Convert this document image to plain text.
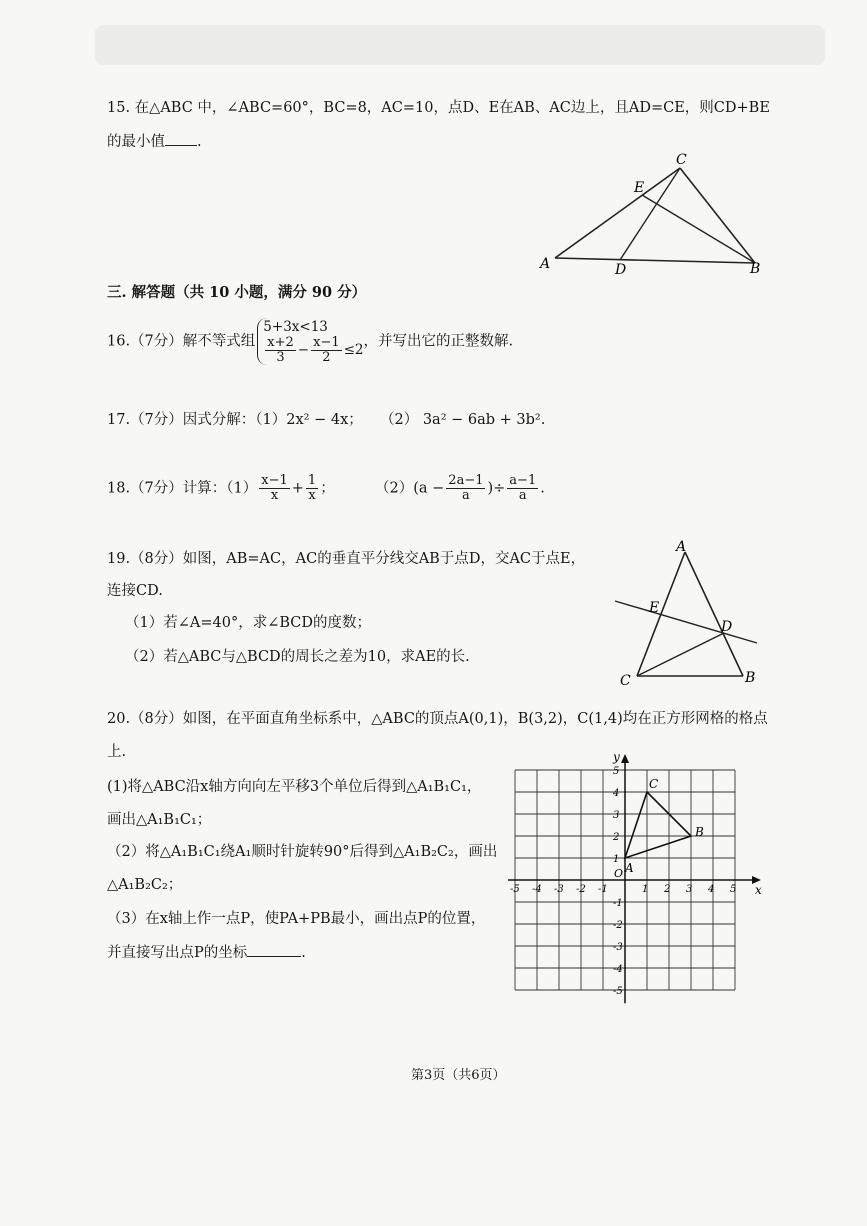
15. 在△ABC 中，∠ABC=60°，BC=8，AC=10，点D、E在AB、AC边上，且AD=CE，则CD+BE
的最小值 .
A	B
C
D
E
三. 解答题（共 10 小题，满分 90 分）
16.（7分）解不等式组
5+3x<13
$\frac{x+2}{3} - \frac{x-1}{2} \le 2$
，并写出它的正整数解.
17.（7分）因式分解：（1）2x² − 4x； （2） 3a² − 6ab + 3b².
18.（7分）计算：$(1) \frac{x-1}{x} + \frac{1}{x}$ ；	$(2)(a - \frac{2a-1}{a}$ )÷ $\frac{a-1}{a}$ .
19.（8分）如图，AB=AC，AC的垂直平分线交AB于点D，交AC于点E，
连接CD.
（1）若∠A=40°，求∠BCD的度数；
（2）若△ABC与△BCD的周长之差为10，求AE的长.
A
B
C
D
E
20.（8分）如图，在平面直角坐标系中，△ABC的顶点A(0,1)，B(3,2)，C(1,4)均在正方形网格的格点
上.
(1)将△ABC沿x轴方向向左平移3个单位后得到△A₁B₁C₁，
画出△A₁B₁C₁；
（2）将△A₁B₁C₁绕A₁顺时针旋转90°后得到△A₁B₂C₂，画出
△A₁B₂C₂；
（3）在x轴上作一点P，使PA+PB最小，画出点P的位置，
并直接写出点P的坐标	.
x
y
O
-5 -4 -3 -2 -1	1 2 3 4 5
5
4
3
2
1
-1
-2
-3
-4
-5
A
B
C
第3页（共6页）
